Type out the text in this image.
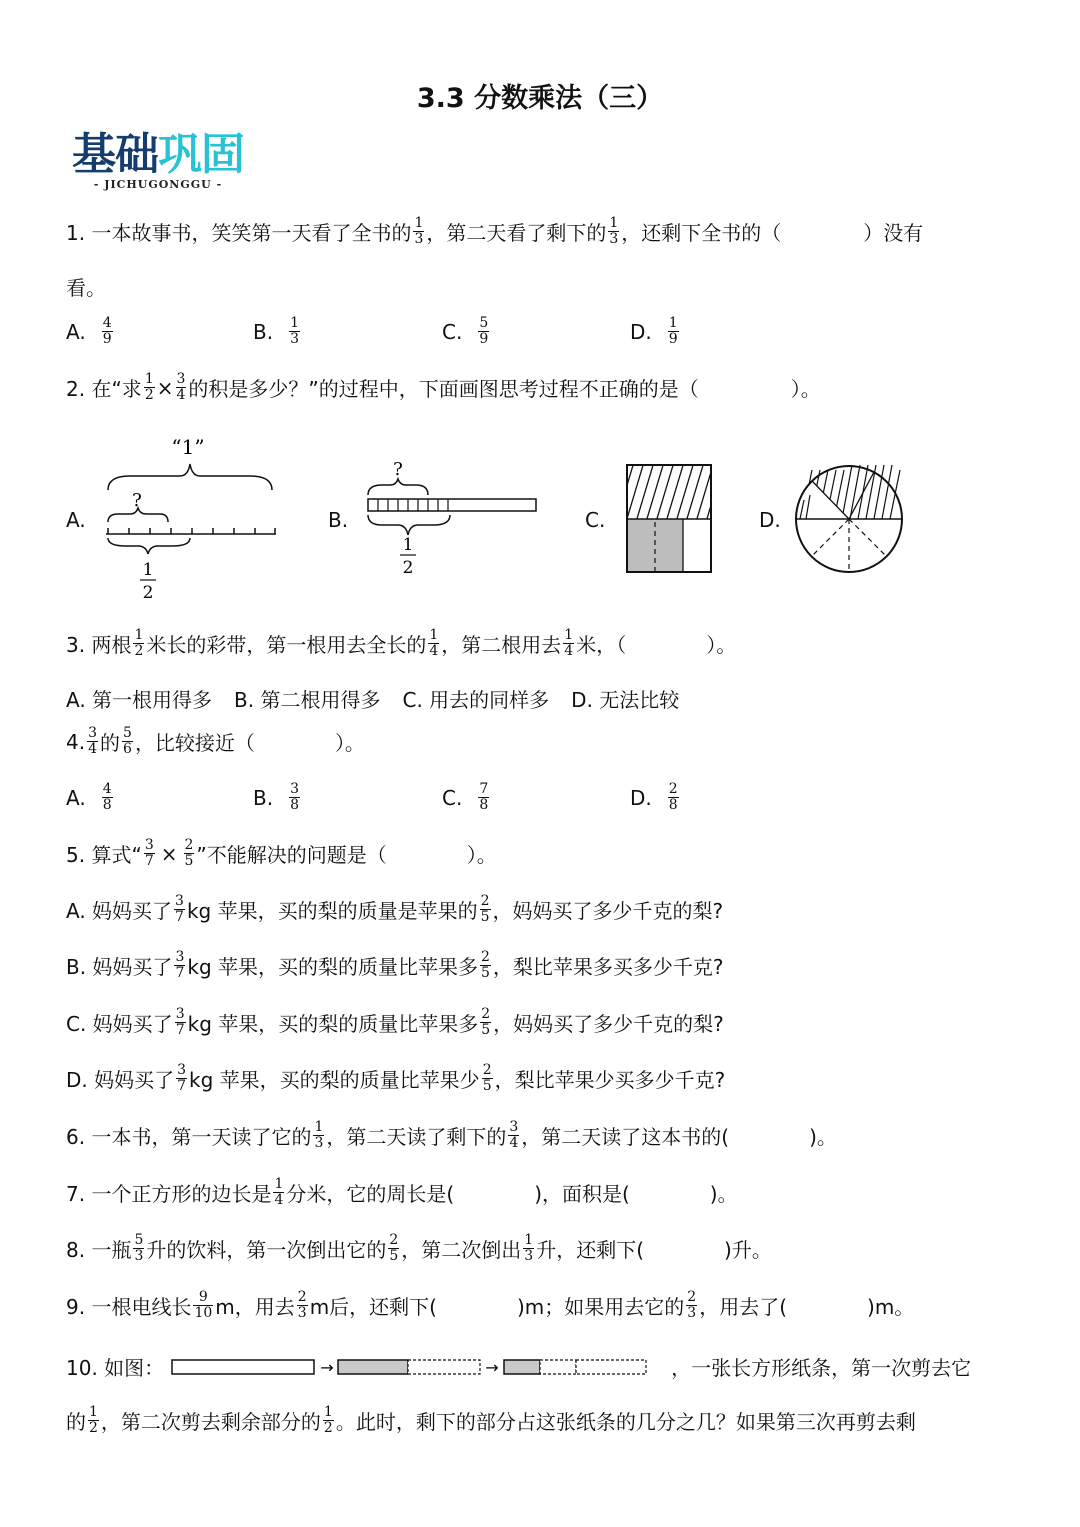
3.3 分数乘法（三）
基础巩固
- JICHUGONGGU -
1. 一本故事书，笑笑第一天看了全书的 $\frac{1}{3}$ ，第二天看了剩下的 $\frac{1}{3}$ ，还剩下全书的（	）没有
看。
A. $\frac{4}{9}$	B. $\frac{1}{3}$	C. $\frac{5}{9}$	D. $\frac{1}{9}$
2. 在“求 $\frac{1}{2} \times \frac{3}{4}$ 的积是多少？”的过程中，下面画图思考过程不正确的是（	）。
A.	B.	C.	D.
“1”
?
1
2
?
1
2
3. 两根 $\frac{1}{2}$ 米长的彩带，第一根用去全长的 $\frac{1}{4}$ ，第二根用去 $\frac{1}{4}$ 米，（	）。
A. 第一根用得多 B. 第二根用得多 C. 用去的同样多 D. 无法比较
4. $\frac{3}{4}$ 的 $\frac{5}{6}$ ，比较接近（	）。
A. $\frac{4}{8}$	B. $\frac{3}{8}$	C. $\frac{7}{8}$	D. $\frac{2}{8}$
5. 算式“ $\frac{3}{7} \times \frac{2}{5}$ ”不能解决的问题是（	）。
A. 妈妈买了 $\frac{3}{7}$ kg 苹果，买的梨的质量是苹果的 $\frac{2}{5}$ ，妈妈买了多少千克的梨?
B. 妈妈买了 $\frac{3}{7}$ kg 苹果，买的梨的质量比苹果多 $\frac{2}{5}$ ，梨比苹果多买多少千克?
C. 妈妈买了 $\frac{3}{7}$ kg 苹果，买的梨的质量比苹果多 $\frac{2}{5}$ ，妈妈买了多少千克的梨?
D. 妈妈买了 $\frac{3}{7}$ kg 苹果，买的梨的质量比苹果少 $\frac{2}{5}$ ，梨比苹果少买多少千克?
6. 一本书，第一天读了它的 $\frac{1}{3}$ ，第二天读了剩下的 $\frac{3}{4}$ ，第二天读了这本书的(	)。
7. 一个正方形的边长是 $\frac{1}{4}$ 分米，它的周长是(	)，面积是(	)。
8. 一瓶 $\frac{5}{3}$ 升的饮料，第一次倒出它的 $\frac{2}{5}$ ，第二次倒出 $\frac{1}{3}$ 升，还剩下(	)升。
9. 一根电线长 $\frac{9}{10}$ m，用去 $\frac{2}{3}$ m后，还剩下(	)m；如果用去它的 $\frac{2}{3}$ ，用去了(	)m。
10. 如图：	→	→	，一张长方形纸条，第一次剪去它
的 $\frac{1}{2}$ ，第二次剪去剩余部分的 $\frac{1}{2}$ 。此时，剩下的部分占这张纸条的几分之几？如果第三次再剪去剩
